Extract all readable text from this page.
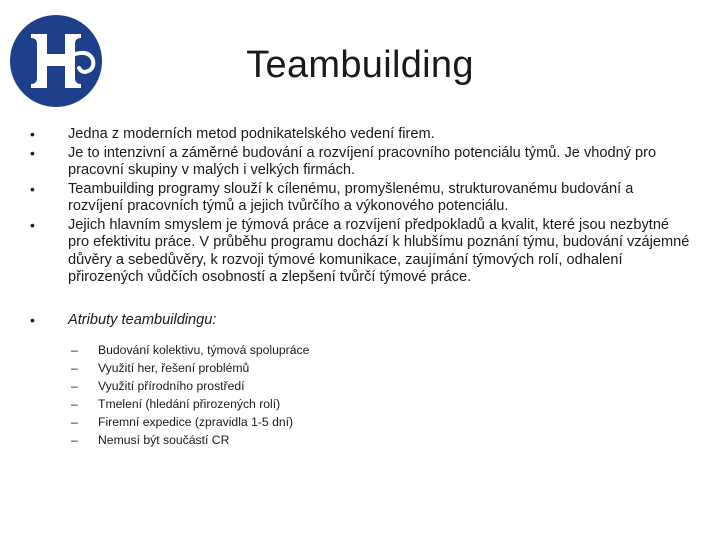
Teambuilding
• Jedna z moderních metod podnikatelského vedení firem.
• Je to intenzivní a záměrné budování a rozvíjení pracovního potenciálu týmů. Je vhodný pro pracovní skupiny v malých i velkých firmách.
• Teambuilding programy slouží k cílenému, promyšlenému, strukturovanému budování a rozvíjení pracovních týmů a jejich tvůrčího a výkonového potenciálu.
• Jejich hlavním smyslem je týmová práce a rozvíjení předpokladů a kvalit, které jsou nezbytné pro efektivitu práce. V průběhu programu dochází k hlubšímu poznání týmu, budování vzájemné důvěry a sebedůvěry, k rozvoji týmové komunikace, zaujímání týmových rolí, odhalení přirozených vůdčích osobností a zlepšení tvůrčí týmové práce.
• Atributy teambuildingu:
– Budování kolektivu, týmová spolupráce
– Využití her, řešení problémů
– Využití přírodního prostředí
– Tmelení (hledání přirozených rolí)
– Firemní expedice (zpravidla 1-5 dní)
– Nemusí být součástí CR
